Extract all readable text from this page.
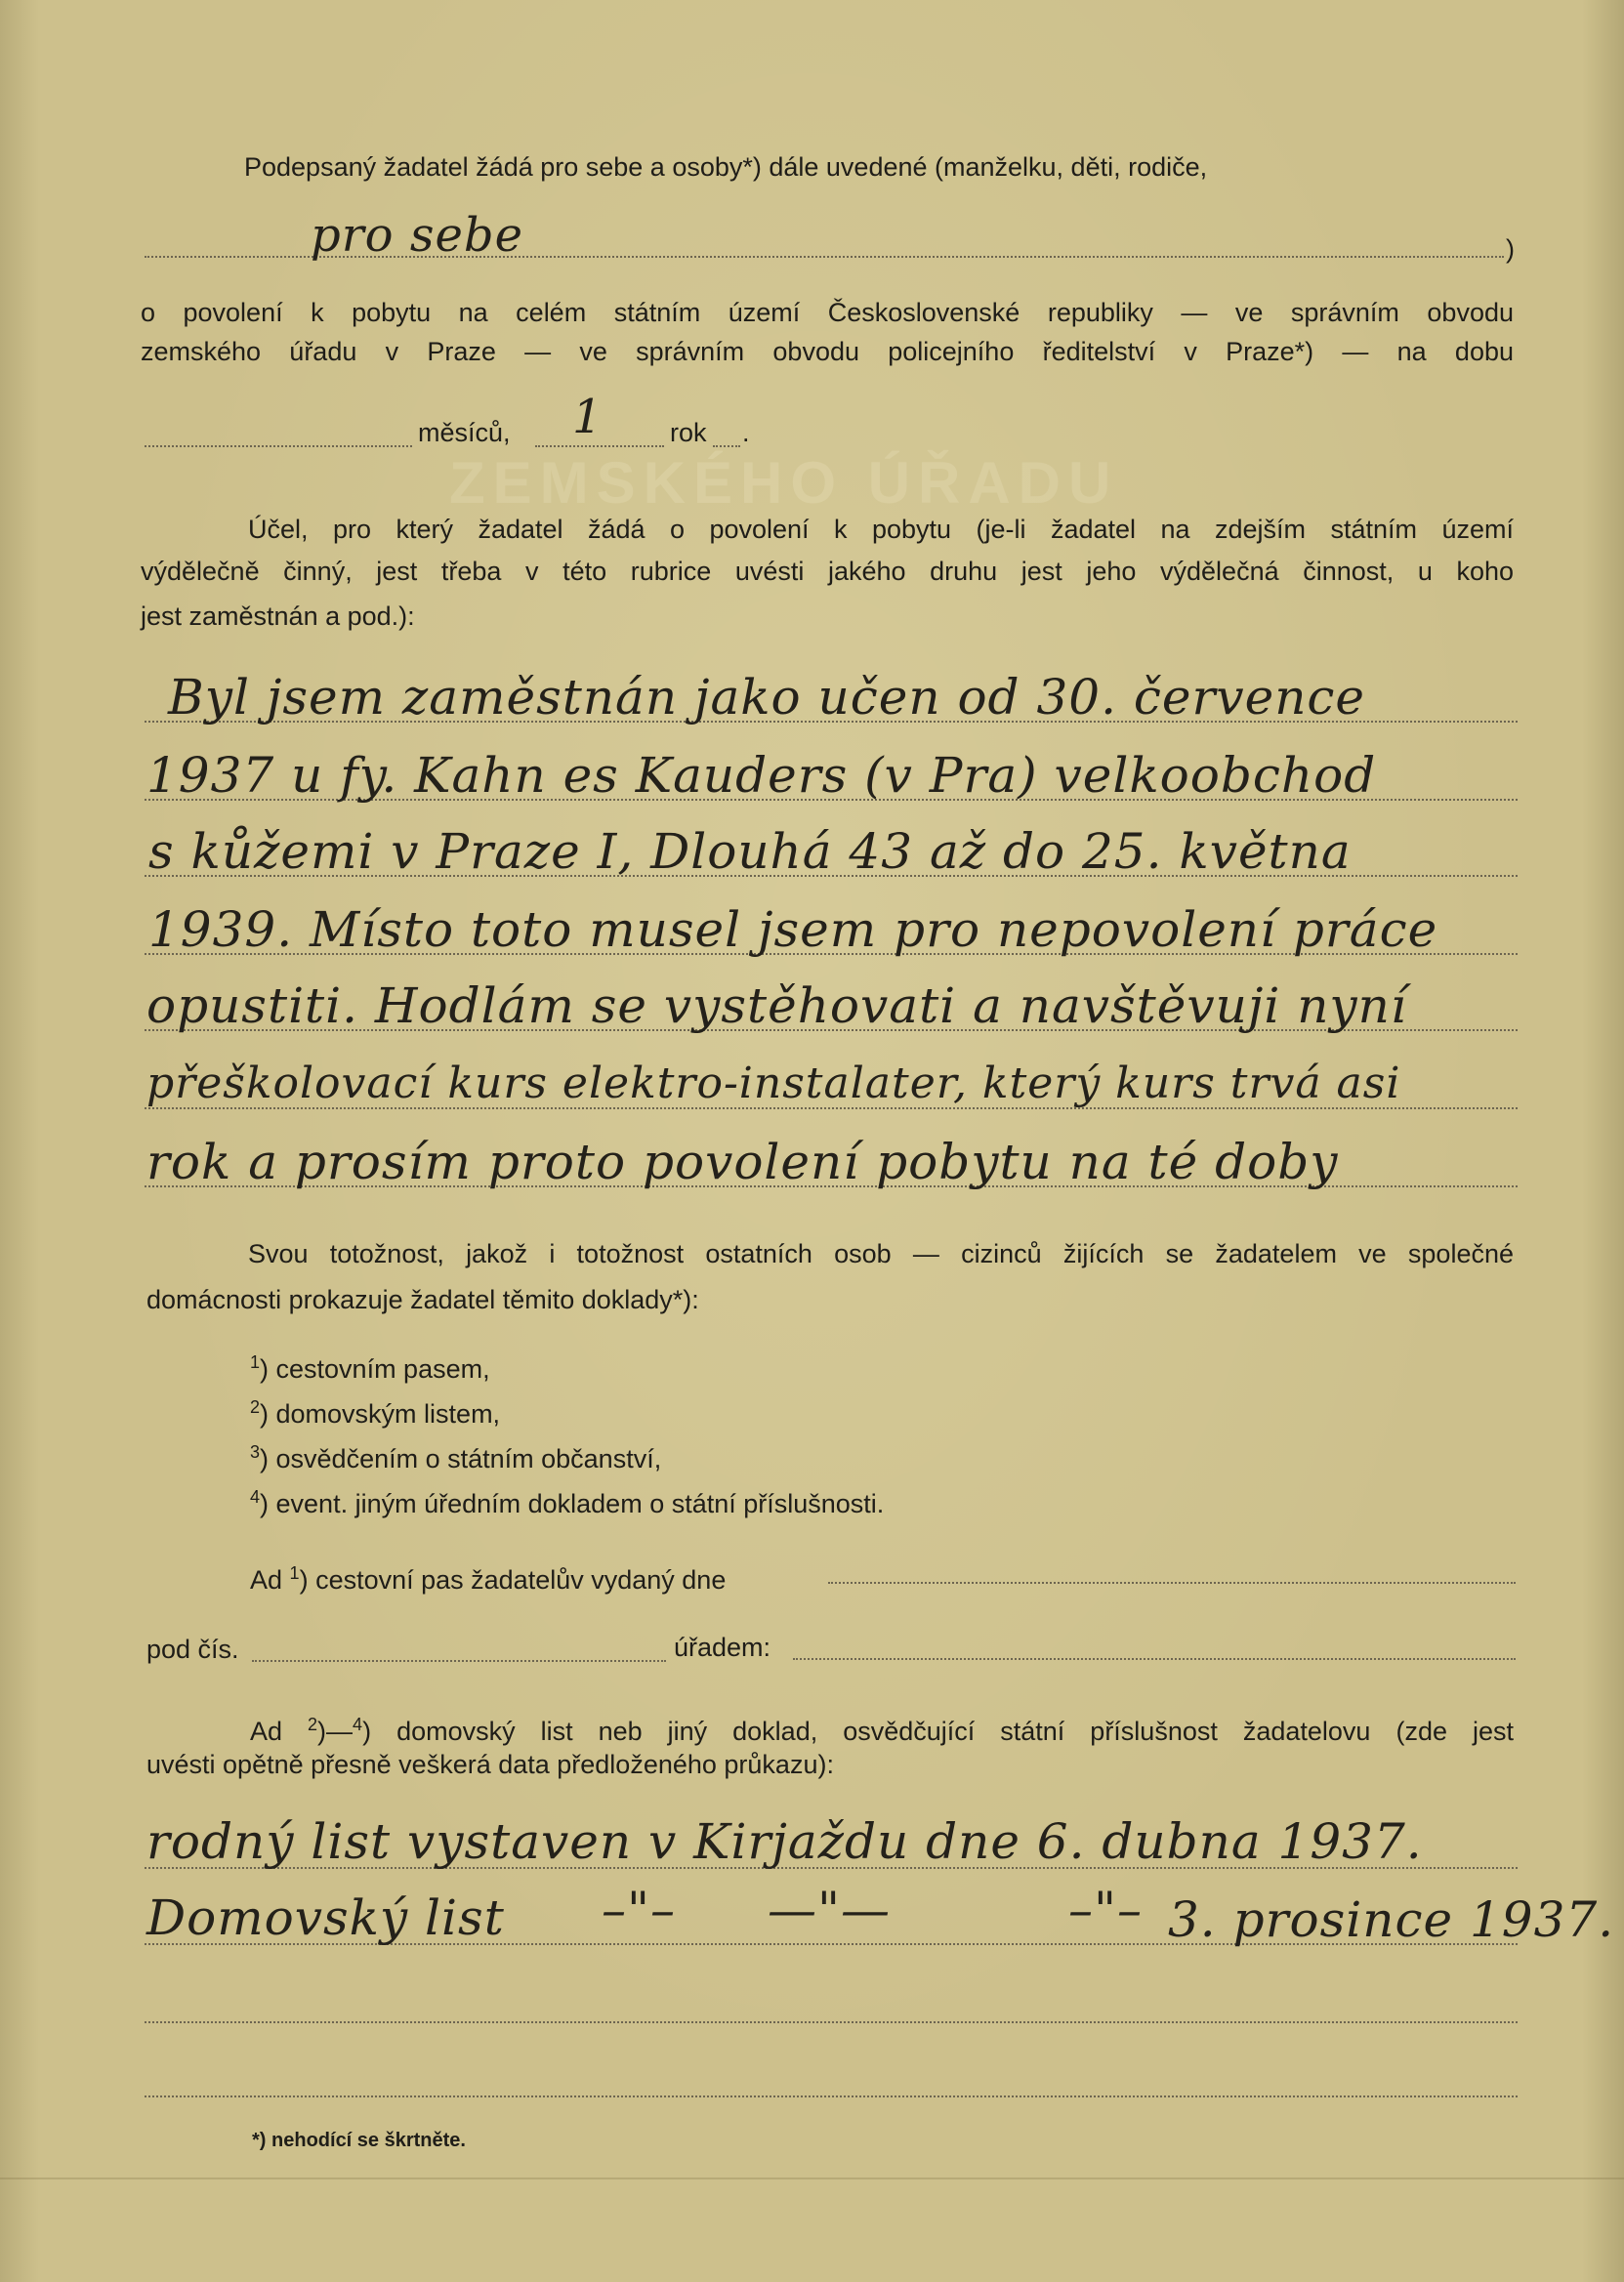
ZEMSKÉHO ÚŘADU
Podepsaný žadatel žádá pro sebe a osoby*) dále uvedené (manželku, děti, rodiče,
pro sebe	)
o povolení k pobytu na celém státním území Československé republiky — ve správním obvodu
zemského úřadu v Praze — ve správním obvodu policejního ředitelství v Praze*) — na dobu
měsíců, 1	rok .
Účel, pro který žadatel žádá o povolení k pobytu (je-li žadatel na zdejším státním území
výdělečně činný, jest třeba v této rubrice uvésti jakého druhu jest jeho výdělečná činnost, u koho
jest zaměstnán a pod.):
Byl jsem zaměstnán jako učen od 30. července
1937 u fy. Kahn es Kauders (v Pra) velkoobchod
s kůžemi v Praze I, Dlouhá 43 až do 25. května
1939. Místo toto musel jsem pro nepovolení práce
opustiti. Hodlám se vystěhovati a navštěvuji nyní
přeškolovací kurs elektro-instalater, který kurs trvá asi
rok a prosím proto povolení pobytu na té doby
Svou totožnost, jakož i totožnost ostatních osob — cizinců žijících se žadatelem ve společné
domácnosti prokazuje žadatel těmito doklady*):
$^1$) cestovním pasem,
$^2$) domovským listem,
$^3$) osvědčením o státním občanství,
$^4$) event. jiným úředním dokladem o státní příslušnosti.
Ad $^1$) cestovní pas žadatelův vydaný dne
pod čís.	úřadem:
Ad $^2$)—$^4$) domovský list neb jiný doklad, osvědčující státní příslušnost žadatelovu (zde jest
uvésti opětně přesně veškerá data předloženého průkazu):
rodný list vystaven v Kirjaždu dne 6. dubna 1937.
Domovský list –"– —"—	–"– 3. prosince 1937.
*) nehodící se škrtněte.
